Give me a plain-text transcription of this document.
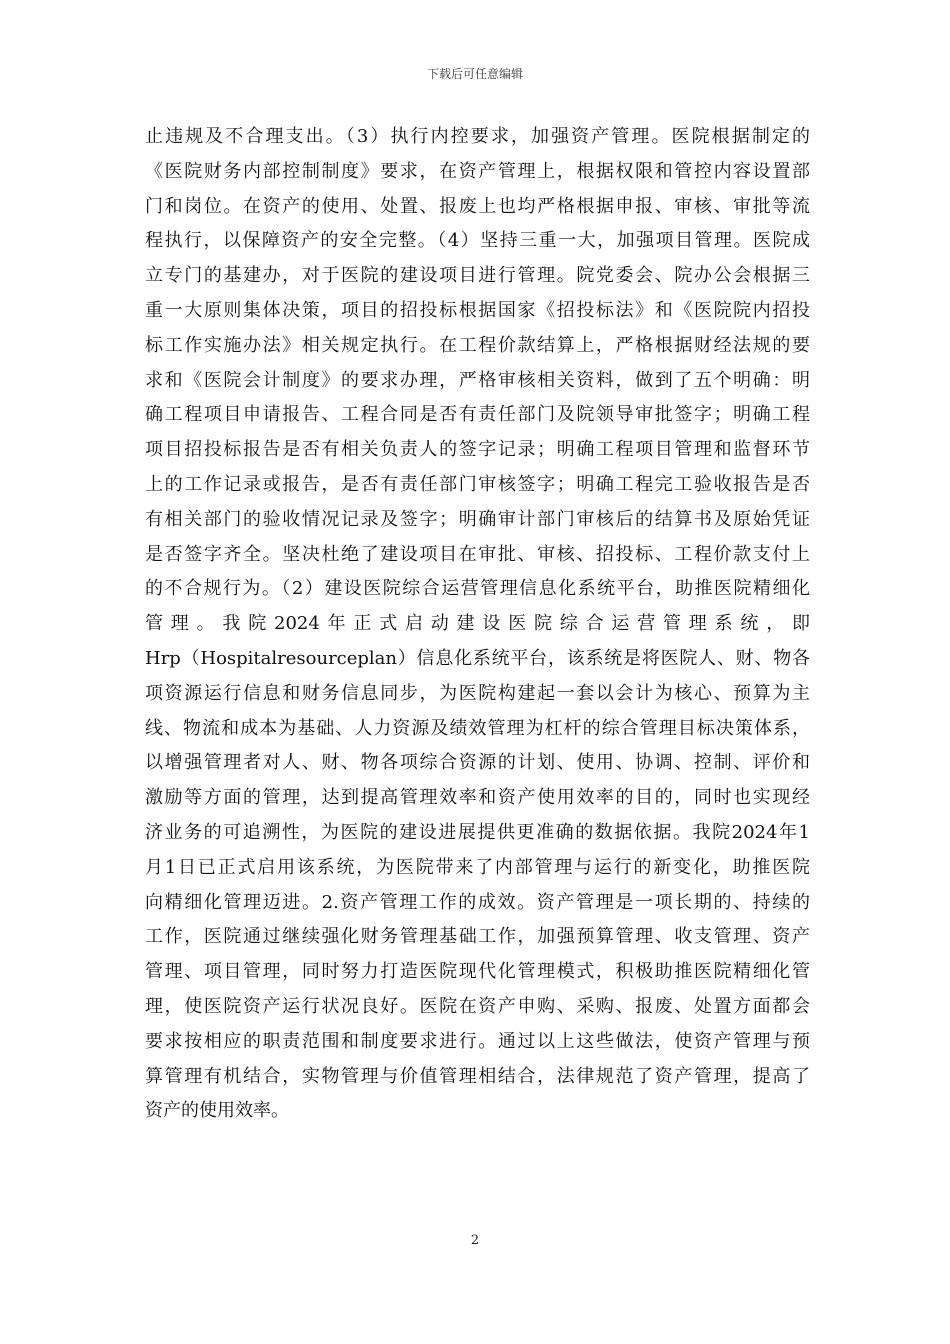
下载后可任意编辑
止违规及不合理支出。（3）执行内控要求，加强资产管理。医院根据制定的
《医院财务内部控制制度》要求，在资产管理上，根据权限和管控内容设置部
门和岗位。在资产的使用、处置、报废上也均严格根据申报、审核、审批等流
程执行，以保障资产的安全完整。（4）坚持三重一大，加强项目管理。医院成
立专门的基建办，对于医院的建设项目进行管理。院党委会、院办公会根据三
重一大原则集体决策，项目的招投标根据国家《招投标法》和《医院院内招投
标工作实施办法》相关规定执行。在工程价款结算上，严格根据财经法规的要
求和《医院会计制度》的要求办理，严格审核相关资料，做到了五个明确：明
确工程项目申请报告、工程合同是否有责任部门及院领导审批签字；明确工程
项目招投标报告是否有相关负责人的签字记录；明确工程项目管理和监督环节
上的工作记录或报告，是否有责任部门审核签字；明确工程完工验收报告是否
有相关部门的验收情况记录及签字；明确审计部门审核后的结算书及原始凭证
是否签字齐全。坚决杜绝了建设项目在审批、审核、招投标、工程价款支付上
的不合规行为。（2）建设医院综合运营管理信息化系统平台，助推医院精细化
管理。我院2024年正式启动建设医院综合运营管理系统，即
Hrp（Hospitalresourceplan）信息化系统平台，该系统是将医院人、财、物各
项资源运行信息和财务信息同步，为医院构建起一套以会计为核心、预算为主
线、物流和成本为基础、人力资源及绩效管理为杠杆的综合管理目标决策体系，
以增强管理者对人、财、物各项综合资源的计划、使用、协调、控制、评价和
激励等方面的管理，达到提高管理效率和资产使用效率的目的，同时也实现经
济业务的可追溯性，为医院的建设进展提供更准确的数据依据。我院2024年1
月1日已正式启用该系统，为医院带来了内部管理与运行的新变化，助推医院
向精细化管理迈进。2.资产管理工作的成效。资产管理是一项长期的、持续的
工作，医院通过继续强化财务管理基础工作，加强预算管理、收支管理、资产
管理、项目管理，同时努力打造医院现代化管理模式，积极助推医院精细化管
理，使医院资产运行状况良好。医院在资产申购、采购、报废、处置方面都会
要求按相应的职责范围和制度要求进行。通过以上这些做法，使资产管理与预
算管理有机结合，实物管理与价值管理相结合，法律规范了资产管理，提高了
资产的使用效率。
2
